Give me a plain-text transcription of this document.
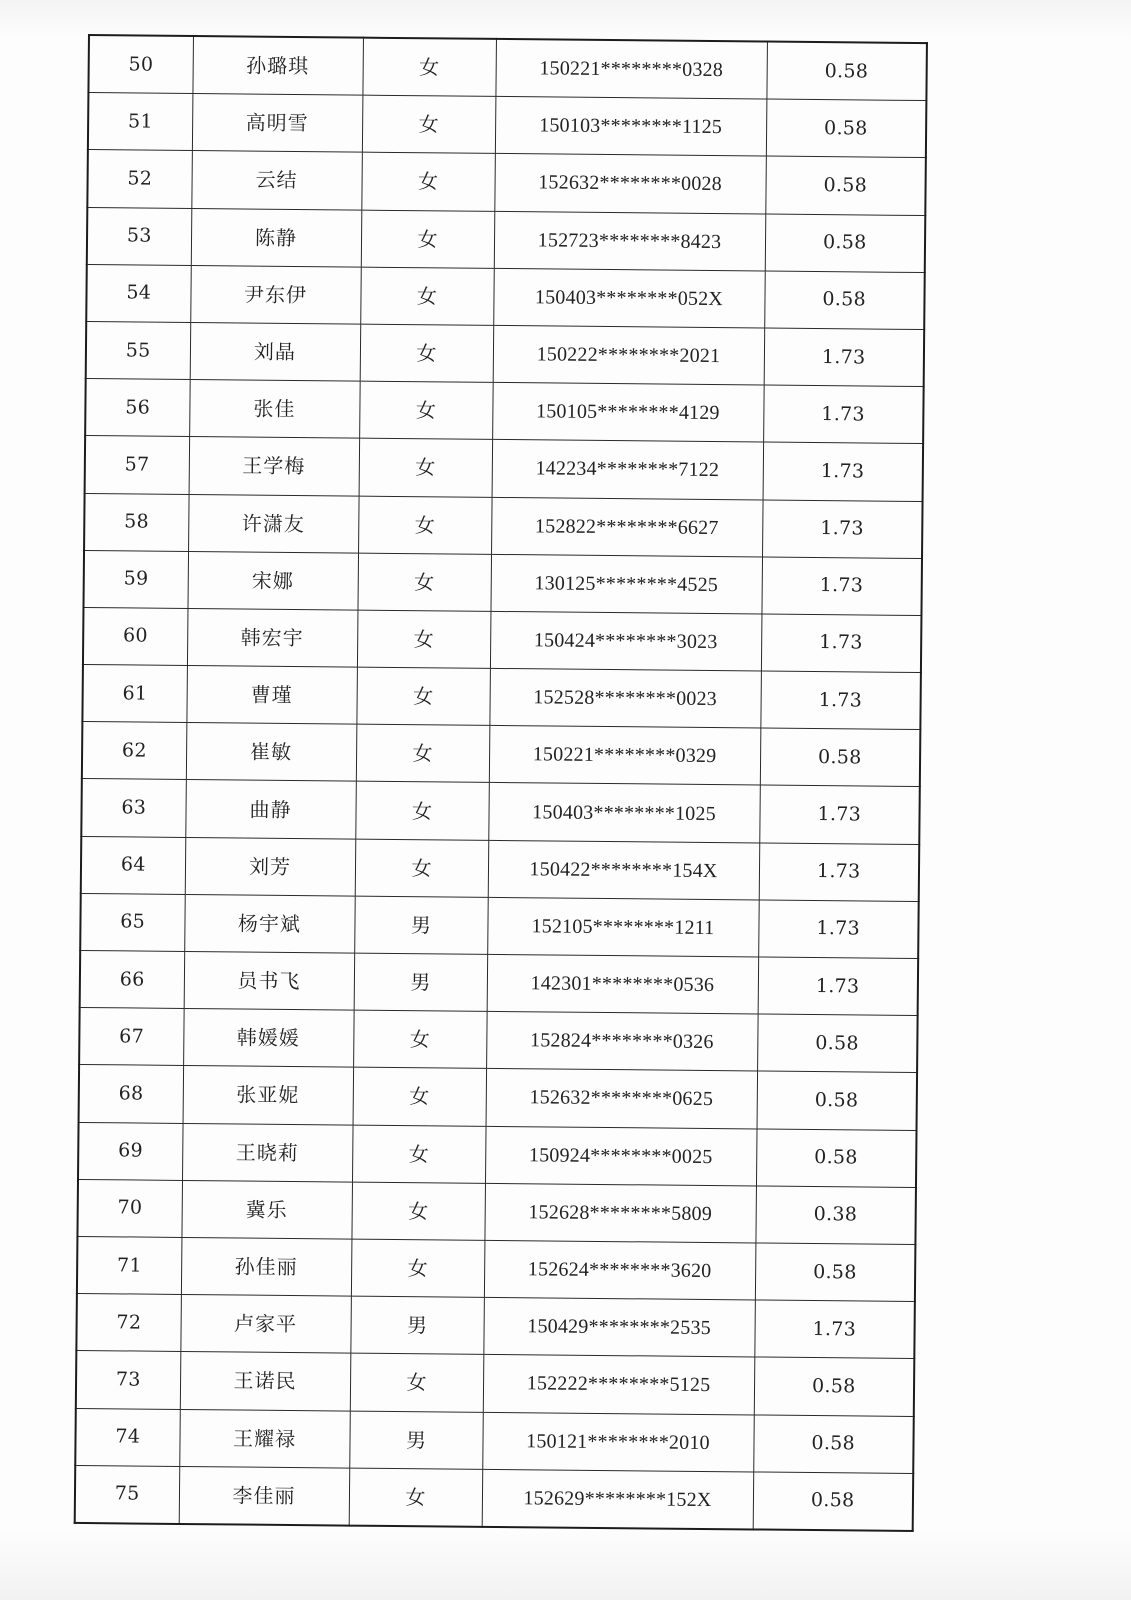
50	孙璐琪	女	150221********0328	0.58
51	高明雪	女	150103********1125	0.58
52	云结	女	152632********0028	0.58
53	陈静	女	152723********8423	0.58
54	尹东伊	女	150403********052X	0.58
55	刘晶	女	150222********2021	1.73
56	张佳	女	150105********4129	1.73
57	王学梅	女	142234********7122	1.73
58	许潇友	女	152822********6627	1.73
59	宋娜	女	130125********4525	1.73
60	韩宏宇	女	150424********3023	1.73
61	曹瑾	女	152528********0023	1.73
62	崔敏	女	150221********0329	0.58
63	曲静	女	150403********1025	1.73
64	刘芳	女	150422********154X	1.73
65	杨宇斌	男	152105********1211	1.73
66	员书飞	男	142301********0536	1.73
67	韩媛媛	女	152824********0326	0.58
68	张亚妮	女	152632********0625	0.58
69	王晓莉	女	150924********0025	0.58
70	冀乐	女	152628********5809	0.38
71	孙佳丽	女	152624********3620	0.58
72	卢家平	男	150429********2535	1.73
73	王诺民	女	152222********5125	0.58
74	王耀禄	男	150121********2010	0.58
75	李佳丽	女	152629********152X	0.58
